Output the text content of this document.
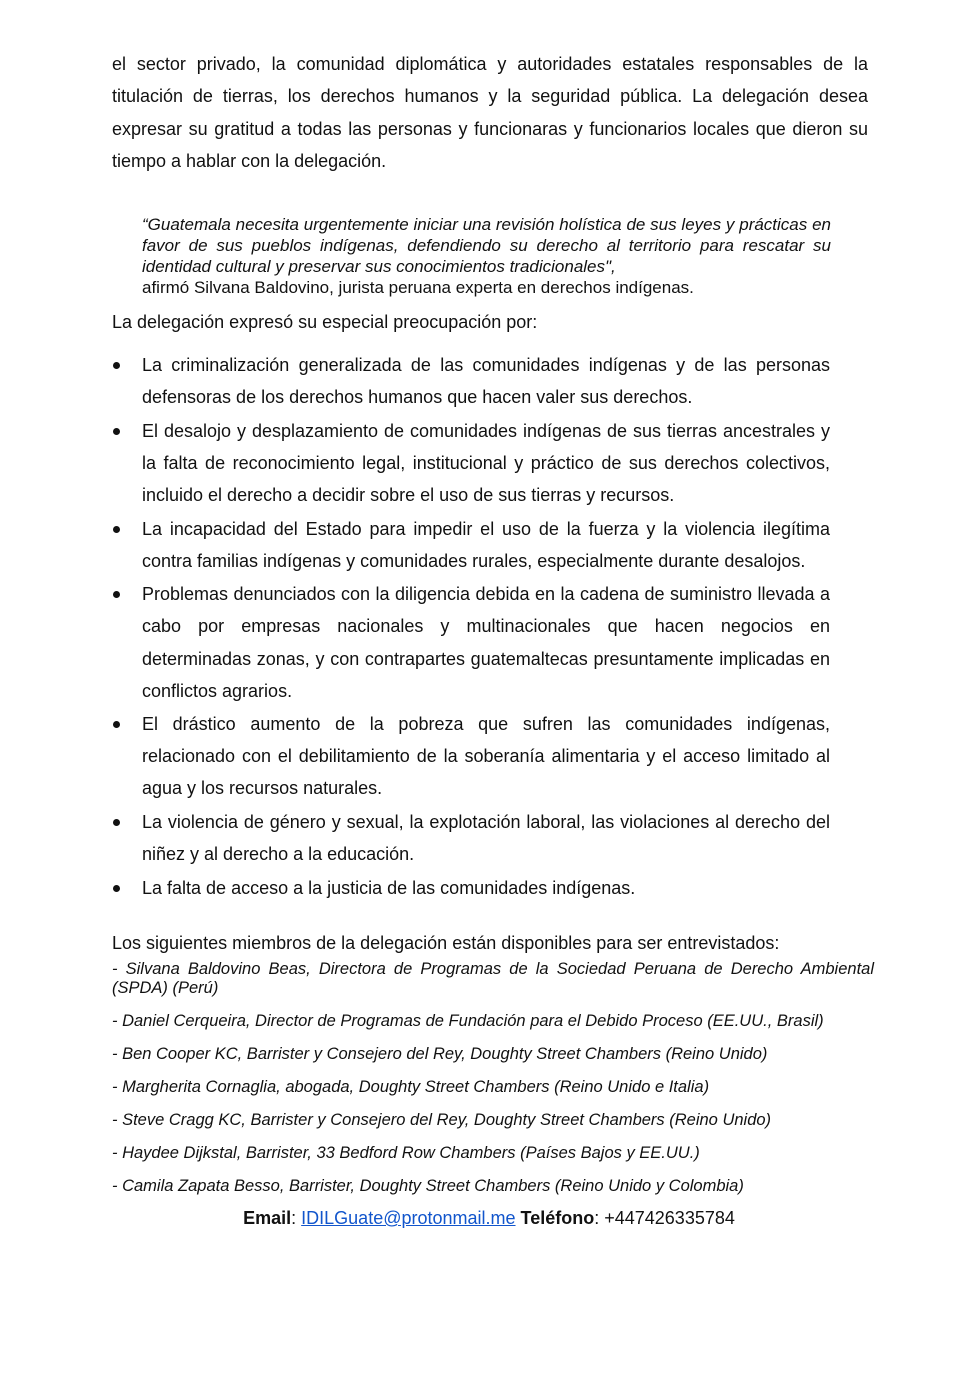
el sector privado, la comunidad diplomática y autoridades estatales responsables de la titulación de tierras, los derechos humanos y la seguridad pública. La delegación desea expresar su gratitud a todas las personas y funcionaras y funcionarios locales que dieron su tiempo a hablar con la delegación.

“Guatemala necesita urgentemente iniciar una revisión holística de sus leyes y prácticas en favor de sus pueblos indígenas, defendiendo su derecho al territorio para rescatar su identidad cultural y preservar sus conocimientos tradicionales",
afirmó Silvana Baldovino, jurista peruana experta en derechos indígenas.

La delegación expresó su especial preocupación por:

La criminalización generalizada de las comunidades indígenas y de las personas defensoras de los derechos humanos que hacen valer sus derechos.
El desalojo y desplazamiento de comunidades indígenas de sus tierras ancestrales y la falta de reconocimiento legal, institucional y práctico de sus derechos colectivos, incluido el derecho a decidir sobre el uso de sus tierras y recursos.
La incapacidad del Estado para impedir el uso de la fuerza y la violencia ilegítima contra familias indígenas y comunidades rurales, especialmente durante desalojos.
Problemas denunciados con la diligencia debida en la cadena de suministro llevada a cabo por empresas nacionales y multinacionales que hacen negocios en determinadas zonas, y con contrapartes guatemaltecas presuntamente implicadas en conflictos agrarios.
El drástico aumento de la pobreza que sufren las comunidades indígenas, relacionado con el debilitamiento de la soberanía alimentaria y el acceso limitado al agua y los recursos naturales.
La violencia de género y sexual, la explotación laboral, las violaciones al derecho del niñez y al derecho a la educación.
La falta de acceso a la justicia de las comunidades indígenas.

Los siguientes miembros de la delegación están disponibles para ser entrevistados:

- Silvana Baldovino Beas, Directora de Programas de la Sociedad Peruana de Derecho Ambiental (SPDA) (Perú)
- Daniel Cerqueira, Director de Programas de Fundación para el Debido Proceso (EE.UU., Brasil)
- Ben Cooper KC, Barrister y Consejero del Rey, Doughty Street Chambers (Reino Unido)
- Margherita Cornaglia, abogada, Doughty Street Chambers (Reino Unido e Italia)
- Steve Cragg KC, Barrister y Consejero del Rey, Doughty Street Chambers (Reino Unido)
- Haydee Dijkstal, Barrister, 33 Bedford Row Chambers (Países Bajos y EE.UU.)
- Camila Zapata Besso, Barrister, Doughty Street Chambers (Reino Unido y Colombia)
Email: IDILGuate@protonmail.me Teléfono: +447426335784
